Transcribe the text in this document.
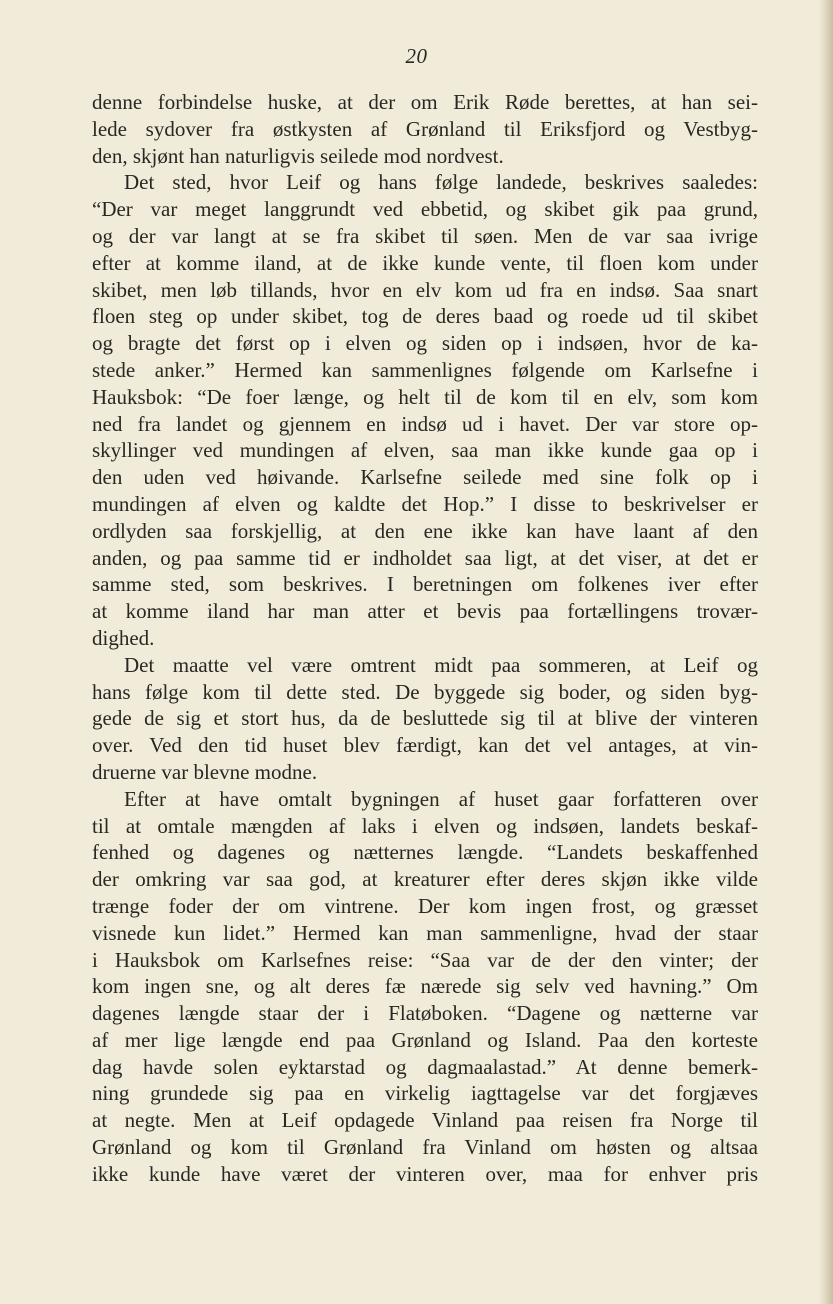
20
denne forbindelse huske, at der om Erik Røde berettes, at han sei-
lede sydover fra østkysten af Grønland til Eriksfjord og Vestbyg-
den, skjønt han naturligvis seilede mod nordvest.
Det sted, hvor Leif og hans følge landede, beskrives saaledes:
“Der var meget langgrundt ved ebbetid, og skibet gik paa grund,
og der var langt at se fra skibet til søen. Men de var saa ivrige
efter at komme iland, at de ikke kunde vente, til floen kom under
skibet, men løb tillands, hvor en elv kom ud fra en indsø. Saa snart
floen steg op under skibet, tog de deres baad og roede ud til skibet
og bragte det først op i elven og siden op i indsøen, hvor de ka-
stede anker.” Hermed kan sammenlignes følgende om Karlsefne i
Hauksbok: “De foer længe, og helt til de kom til en elv, som kom
ned fra landet og gjennem en indsø ud i havet. Der var store op-
skyllinger ved mundingen af elven, saa man ikke kunde gaa op i
den uden ved høivande. Karlsefne seilede med sine folk op i
mundingen af elven og kaldte det Hop.” I disse to beskrivelser er
ordlyden saa forskjellig, at den ene ikke kan have laant af den
anden, og paa samme tid er indholdet saa ligt, at det viser, at det er
samme sted, som beskrives. I beretningen om folkenes iver efter
at komme iland har man atter et bevis paa fortællingens trovær-
dighed.
Det maatte vel være omtrent midt paa sommeren, at Leif og
hans følge kom til dette sted. De byggede sig boder, og siden byg-
gede de sig et stort hus, da de besluttede sig til at blive der vinteren
over. Ved den tid huset blev færdigt, kan det vel antages, at vin-
druerne var blevne modne.
Efter at have omtalt bygningen af huset gaar forfatteren over
til at omtale mængden af laks i elven og indsøen, landets beskaf-
fenhed og dagenes og nætternes længde. “Landets beskaffenhed
der omkring var saa god, at kreaturer efter deres skjøn ikke vilde
trænge foder der om vintrene. Der kom ingen frost, og græsset
visnede kun lidet.” Hermed kan man sammenligne, hvad der staar
i Hauksbok om Karlsefnes reise: “Saa var de der den vinter; der
kom ingen sne, og alt deres fæ nærede sig selv ved havning.” Om
dagenes længde staar der i Flatøboken. “Dagene og nætterne var
af mer lige længde end paa Grønland og Island. Paa den korteste
dag havde solen eyktarstad og dagmaalastad.” At denne bemerk-
ning grundede sig paa en virkelig iagttagelse var det forgjæves
at negte. Men at Leif opdagede Vinland paa reisen fra Norge til
Grønland og kom til Grønland fra Vinland om høsten og altsaa
ikke kunde have været der vinteren over, maa for enhver pris
